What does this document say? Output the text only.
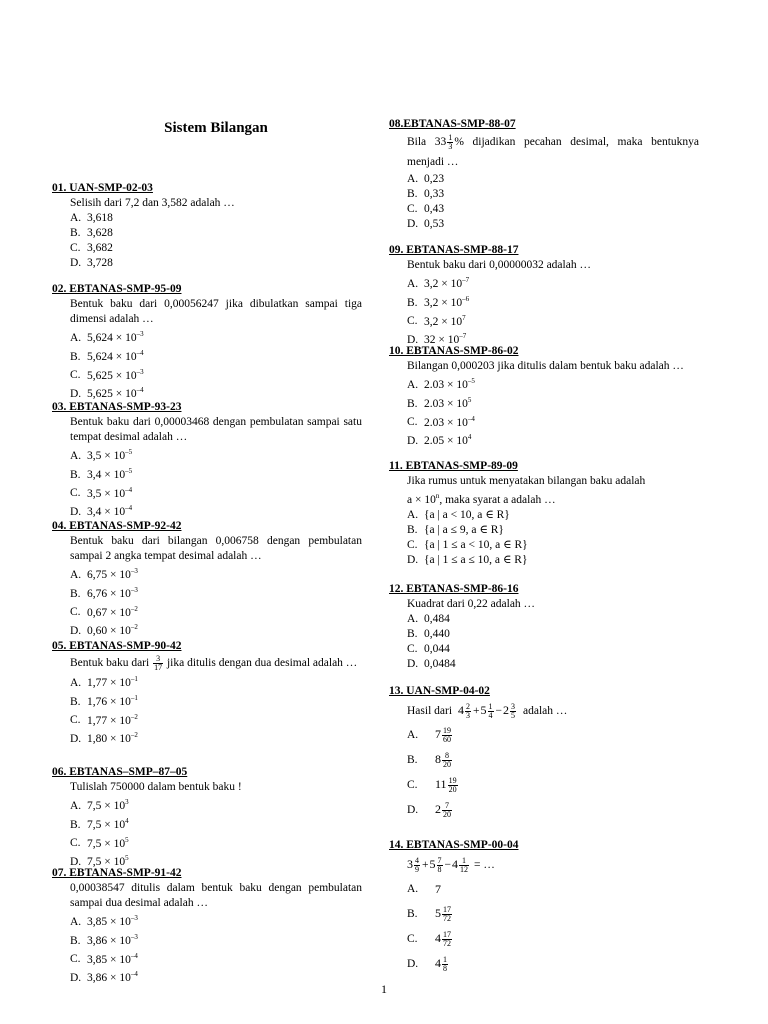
Sistem Bilangan
01. UAN-SMP-02-03
Selisih dari 7,2 dan 3,582 adalah …
A. 3,618
B. 3,628
C. 3,682
D. 3,728
02. EBTANAS-SMP-95-09
Bentuk baku dari 0,00056247 jika dibulatkan sampai tiga dimensi adalah …
A. $5,624 \times 10^{-3}$
B. $5,624 \times 10^{-4}$
C. $5,625 \times 10^{-3}$
D. $5,625 \times 10^{-4}$
03. EBTANAS-SMP-93-23
Bentuk baku dari 0,00003468 dengan pembulatan sampai satu tempat desimal adalah …
A. $3,5 \times 10^{-5}$
B. $3,4 \times 10^{-5}$
C. $3,5 \times 10^{-4}$
D. $3,4 \times 10^{-4}$
04. EBTANAS-SMP-92-42
Bentuk baku dari bilangan 0,006758 dengan pembulatan sampai 2 angka tempat desimal adalah …
A. $6,75 \times 10^{-3}$
B. $6,76 \times 10^{-3}$
C. $0,67 \times 10^{-2}$
D. $0,60 \times 10^{-2}$
05. EBTANAS-SMP-90-42
Bentuk baku dari $\frac{3}{17}$ jika ditulis dengan dua desimal adalah …
A. $1,77 \times 10^{-1}$
B. $1,76 \times 10^{-1}$
C. $1,77 \times 10^{-2}$
D. $1,80 \times 10^{-2}$
06. EBTANAS–SMP–87–05
Tulislah 750000 dalam bentuk baku !
A. $7,5 \times 10^3$
B. $7,5 \times 10^4$
C. $7,5 \times 10^5$
D. $7,5 \times 10^5$
07. EBTANAS-SMP-91-42
0,00038547 ditulis dalam bentuk baku dengan pembulatan sampai dua desimal adalah …
A. $3,85 \times 10^{-3}$
B. $3,86 \times 10^{-3}$
C. $3,85 \times 10^{-4}$
D. $3,86 \times 10^{-4}$
08.EBTANAS-SMP-88-07
Bila $33 \frac{1}{3}$ % dijadikan pecahan desimal, maka bentuknya menjadi …
A. 0,23
B. 0,33
C. 0,43
D. 0,53
09. EBTANAS-SMP-88-17
Bentuk baku dari 0,00000032 adalah …
A. $3,2 \times 10^{-7}$
B. $3,2 \times 10^{-6}$
C. $3,2 \times 10^7$
D. $32 \times 10^{-7}$
10. EBTANAS-SMP-86-02
Bilangan 0,000203 jika ditulis dalam bentuk baku adalah …
A. $2.03 \times 10^{-5}$
B. $2.03 \times 10^5$
C. $2.03 \times 10^{-4}$
D. $2.05 \times 10^4$
11. EBTANAS-SMP-89-09
Jika rumus untuk menyatakan bilangan baku adalah
$a \times 10^n$, maka syarat a adalah …
A. {a | a < 10, a ∈ R}
B. {a | a ≤ 9, a ∈ R}
C. {a | 1 ≤ a < 10, a ∈ R}
D. {a | 1 ≤ a ≤ 10, a ∈ R}
12. EBTANAS-SMP-86-16
Kuadrat dari 0,22 adalah …
A. 0,484
B. 0,440
C. 0,044
D. 0,0484
13. UAN-SMP-04-02
Hasil dari $4 \frac{2}{3} +5 \frac{1}{4} -2 \frac{3}{5}$ adalah …
A.	$7 \frac{19}{60}$
B.	$8 \frac{8}{20}$
C.	$11 \frac{19}{20}$
D.	$2 \frac{7}{20}$
14. EBTANAS-SMP-00-04
$3 \frac{4}{9} +5 \frac{7}{8} -4 \frac{1}{12}$ = …
A.	7
B.	$5 \frac{17}{72}$
C.	$4 \frac{17}{72}$
D.	$4 \frac{1}{8}$
1
